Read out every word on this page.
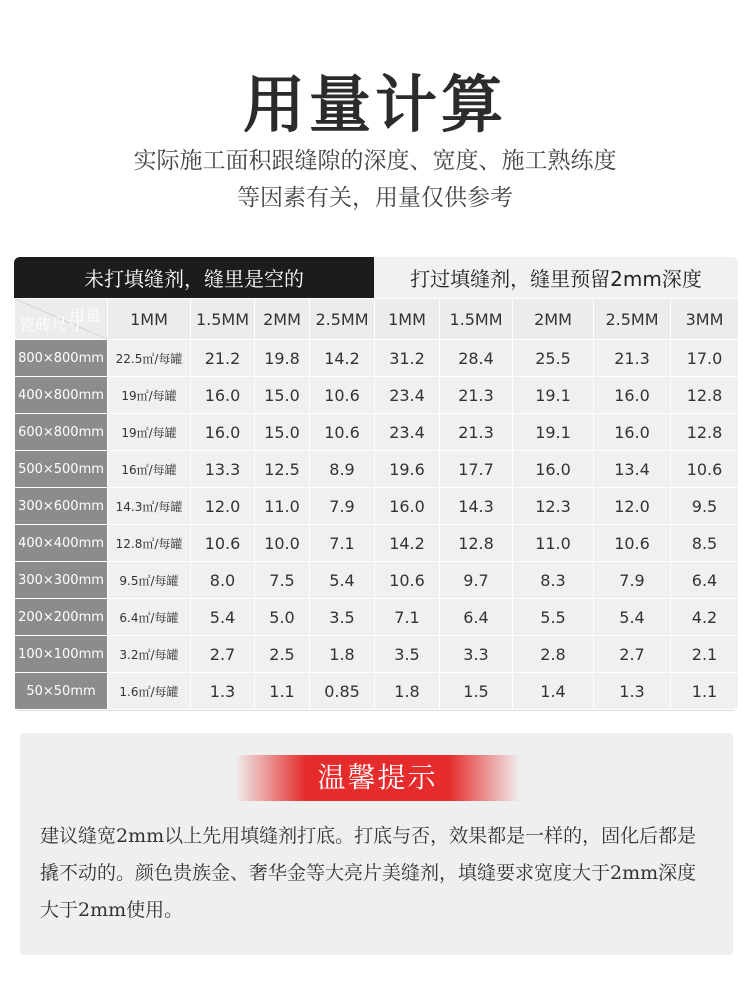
用量计算
实际施工面积跟缝隙的深度、宽度、施工熟练度
等因素有关，用量仅供参考
未打填缝剂，缝里是空的	打过填缝剂，缝里预留2mm深度
用量
瓷砖尺寸	1MM	1.5MM	2MM	2.5MM	1MM	1.5MM	2MM	2.5MM	3MM
800×800mm	22.5㎡/每罐	21.2	19.8	14.2	31.2	28.4	25.5	21.3	17.0
400×800mm	19㎡/每罐	16.0	15.0	10.6	23.4	21.3	19.1	16.0	12.8
600×800mm	19㎡/每罐	16.0	15.0	10.6	23.4	21.3	19.1	16.0	12.8
500×500mm	16㎡/每罐	13.3	12.5	8.9	19.6	17.7	16.0	13.4	10.6
300×600mm	14.3㎡/每罐	12.0	11.0	7.9	16.0	14.3	12.3	12.0	9.5
400×400mm	12.8㎡/每罐	10.6	10.0	7.1	14.2	12.8	11.0	10.6	8.5
300×300mm	9.5㎡/每罐	8.0	7.5	5.4	10.6	9.7	8.3	7.9	6.4
200×200mm	6.4㎡/每罐	5.4	5.0	3.5	7.1	6.4	5.5	5.4	4.2
100×100mm	3.2㎡/每罐	2.7	2.5	1.8	3.5	3.3	2.8	2.7	2.1
50×50mm	1.6㎡/每罐	1.3	1.1	0.85	1.8	1.5	1.4	1.3	1.1
温馨提示
建议缝宽2mm以上先用填缝剂打底。打底与否，效果都是一样的，固化后都是撬不动的。颜色贵族金、奢华金等大亮片美缝剂，填缝要求宽度大于2mm深度大于2mm使用。
